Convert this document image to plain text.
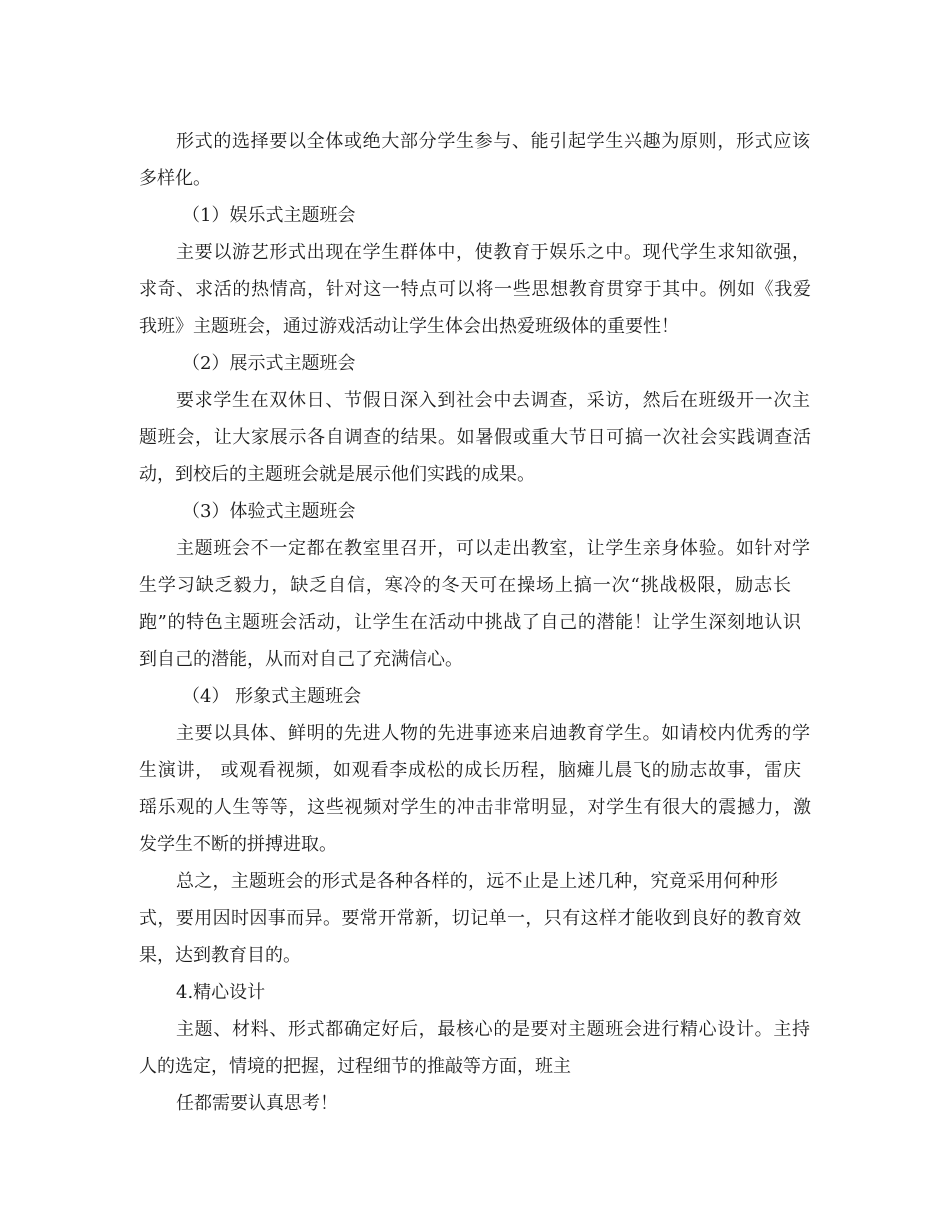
形式的选择要以全体或绝大部分学生参与、能引起学生兴趣为原则，形式应该
多样化。
（1）娱乐式主题班会
主要以游艺形式出现在学生群体中，使教育于娱乐之中。现代学生求知欲强，
求奇、求活的热情高，针对这一特点可以将一些思想教育贯穿于其中。例如《我爱
我班》主题班会，通过游戏活动让学生体会出热爱班级体的重要性！
（2）展示式主题班会
要求学生在双休日、节假日深入到社会中去调查，采访，然后在班级开一次主
题班会，让大家展示各自调查的结果。如暑假或重大节日可搞一次社会实践调查活
动，到校后的主题班会就是展示他们实践的成果。
（3）体验式主题班会
主题班会不一定都在教室里召开，可以走出教室，让学生亲身体验。如针对学
生学习缺乏毅力，缺乏自信，寒冷的冬天可在操场上搞一次“挑战极限，励志长
跑”的特色主题班会活动，让学生在活动中挑战了自己的潜能！让学生深刻地认识
到自己的潜能，从而对自己了充满信心。
（4） 形象式主题班会
主要以具体、鲜明的先进人物的先进事迹来启迪教育学生。如请校内优秀的学
生演讲， 或观看视频，如观看李成松的成长历程，脑瘫儿晨飞的励志故事，雷庆
瑶乐观的人生等等，这些视频对学生的冲击非常明显，对学生有很大的震撼力，激
发学生不断的拼搏进取。
总之，主题班会的形式是各种各样的，远不止是上述几种，究竟采用何种形
式，要用因时因事而异。要常开常新，切记单一，只有这样才能收到良好的教育效
果，达到教育目的。
4.精心设计
主题、材料、形式都确定好后，最核心的是要对主题班会进行精心设计。主持
人的选定，情境的把握，过程细节的推敲等方面，班主
任都需要认真思考！
